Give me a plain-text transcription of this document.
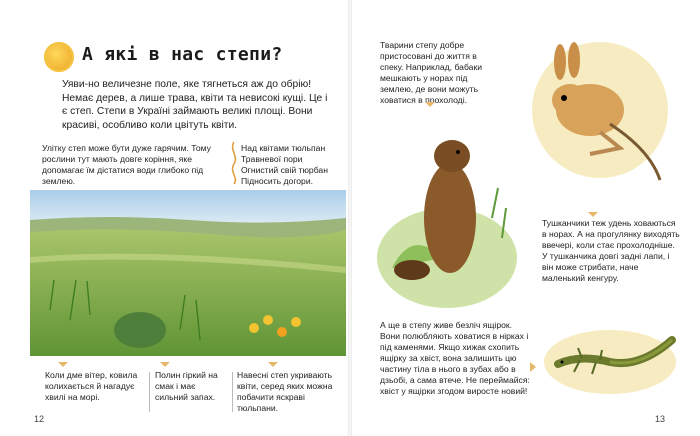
А які в нас степи?
Уяви-но величезне поле, яке тягнеться аж до обрію! Немає дерев, а лише трава, квіти та невисокі кущі. Це і є степ. Степи в Україні займають великі площі. Вони красиві, особливо коли цвітуть квіти.
Улітку степ може бути дуже гарячим. Тому рослини тут мають довге коріння, яке допомагає їм дістатися води глибоко під землею.
Над квітами тюльпан
Травневої пори
Огнистий свій тюрбан
Підносить догори.
Коли дме вітер, ковила колихається й нагадує хвилі на морі.
Полин гіркий на смак і має сильний запах.
Навесні степ укривають квіти, серед яких можна побачити яскраві тюльпани.
12
Тварини степу добре пристосовані до життя в спеку. Наприклад, бабаки мешкають у норах під землею, де вони можуть ховатися в прохолоді.
Тушканчики теж удень ховаються в норах. А на прогулянку виходять ввечері, коли стає прохолодніше. У тушканчика довгі задні лапи, і він може стрибати, наче маленький кенгуру.
А ще в степу живе безліч ящірок. Вони полюбляють ховатися в нірках і під каменями. Якщо хижак схопить ящірку за хвіст, вона залишить цю частину тіла в нього в зубах або в дзьобі, а сама втече. Не переймайся: хвіст у ящірки згодом виросте новий!
13
